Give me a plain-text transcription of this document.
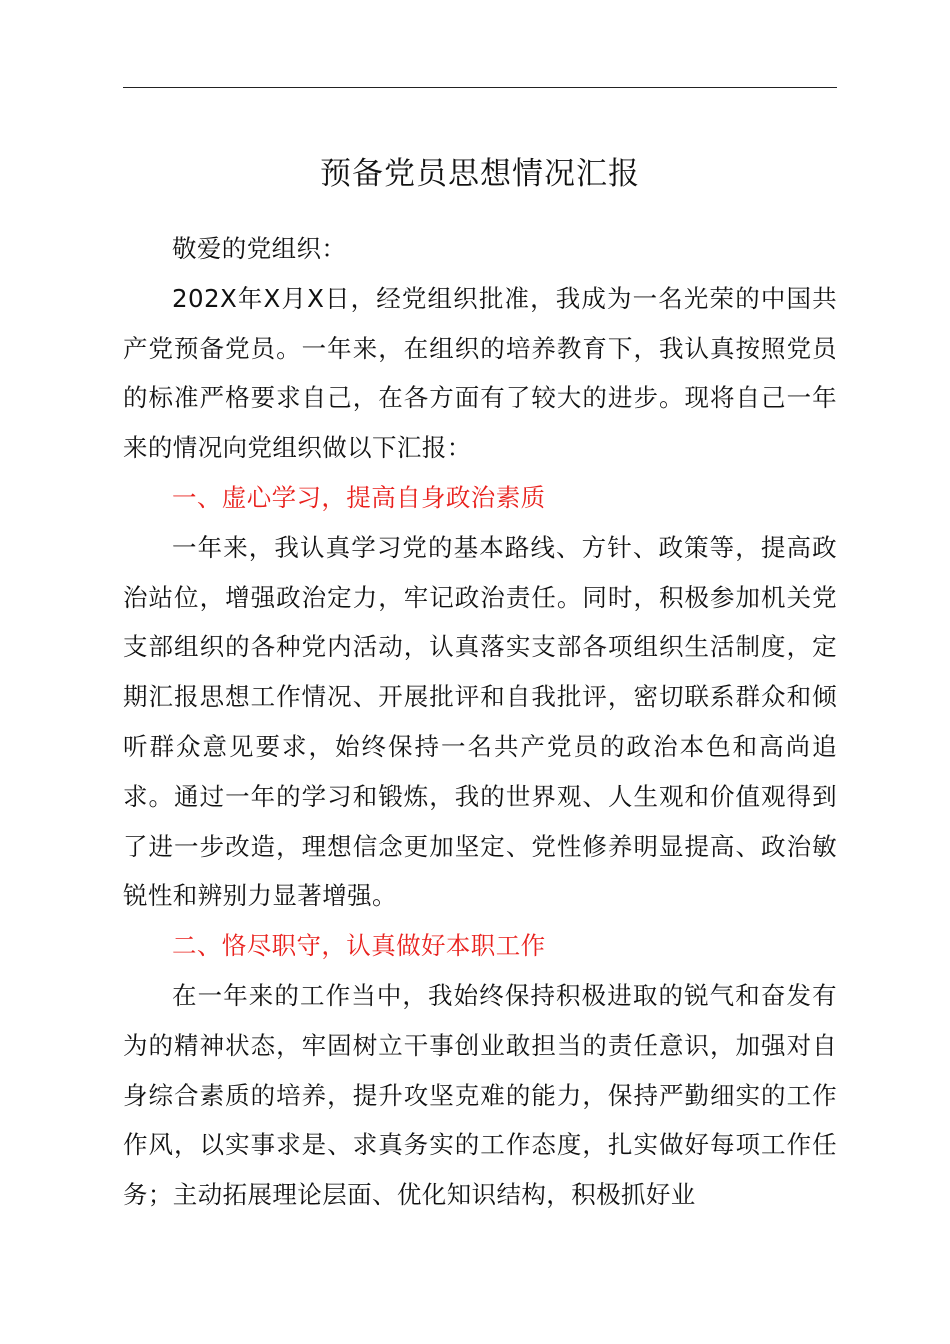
预备党员思想情况汇报

敬爱的党组织：

202X年X月X日，经党组织批准，我成为一名光荣的中国共产党预备党员。一年来，在组织的培养教育下，我认真按照党员的标准严格要求自己，在各方面有了较大的进步。现将自己一年来的情况向党组织做以下汇报：

一、虚心学习，提高自身政治素质

一年来，我认真学习党的基本路线、方针、政策等，提高政治站位，增强政治定力，牢记政治责任。同时，积极参加机关党支部组织的各种党内活动，认真落实支部各项组织生活制度，定期汇报思想工作情况、开展批评和自我批评，密切联系群众和倾听群众意见要求，始终保持一名共产党员的政治本色和高尚追求。通过一年的学习和锻炼，我的世界观、人生观和价值观得到了进一步改造，理想信念更加坚定、党性修养明显提高、政治敏锐性和辨别力显著增强。

二、恪尽职守，认真做好本职工作

在一年来的工作当中，我始终保持积极进取的锐气和奋发有为的精神状态，牢固树立干事创业敢担当的责任意识，加强对自身综合素质的培养，提升攻坚克难的能力，保持严勤细实的工作作风，以实事求是、求真务实的工作态度，扎实做好每项工作任务；主动拓展理论层面、优化知识结构，积极抓好业
